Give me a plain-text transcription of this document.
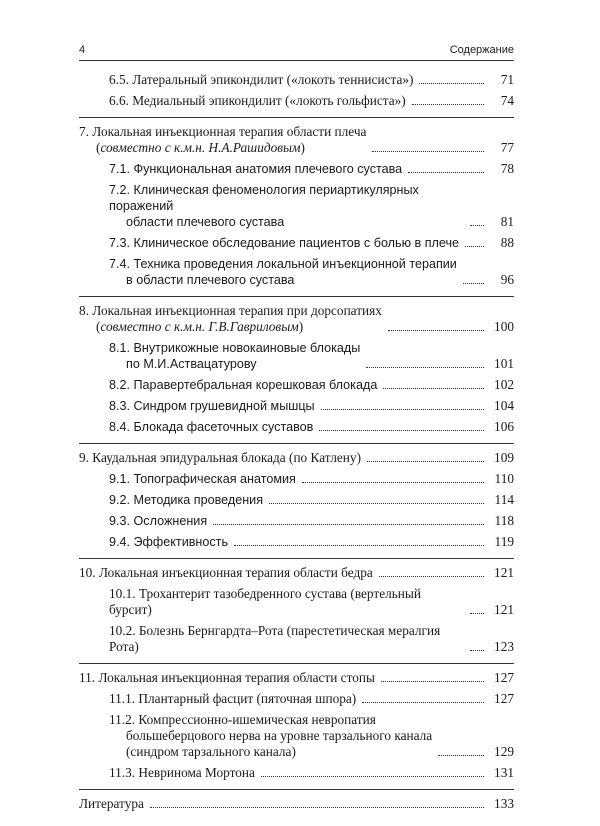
4	Содержание
6.5. Латеральный эпикондилит («локоть теннисиста»)	71
6.6. Медиальный эпикондилит («локоть гольфиста»)	74
7. Локальная инъекционная терапия области плеча
(совместно с к.м.н. Н.А.Рашидовым)	77
7.1. Функциональная анатомия плечевого сустава	78
7.2. Клиническая феноменология периартикулярных поражений
области плечевого сустава	81
7.3. Клиническое обследование пациентов с болью в плече	88
7.4. Техника проведения локальной инъекционной терапии
в области плечевого сустава	96
8. Локальная инъекционная терапия при дорсопатиях
(совместно с к.м.н. Г.В.Гавриловым)	100
8.1. Внутрикожные новокаиновые блокады
по М.И.Аствацатурову	101
8.2. Паравертебральная корешковая блокада	102
8.3. Синдром грушевидной мышцы	104
8.4. Блокада фасеточных суставов	106
9. Каудальная эпидуральная блокада (по Катлену)	109
9.1. Топографическая анатомия	110
9.2. Методика проведения	114
9.3. Осложнения	118
9.4. Эффективность	119
10. Локальная инъекционная терапия области бедра	121
10.1. Трохантерит тазобедренного сустава (вертельный бурсит)	121
10.2. Болезнь Бернгардта–Рота (парестетическая мералгия Рота)	123
11. Локальная инъекционная терапия области стопы	127
11.1. Плантарный фасцит (пяточная шпора)	127
11.2. Компрессионно-ишемическая невропатия
большеберцового нерва на уровне тарзального канала
(синдром тарзального канала)	129
11.3. Невринома Мортона	131
Литература	133
